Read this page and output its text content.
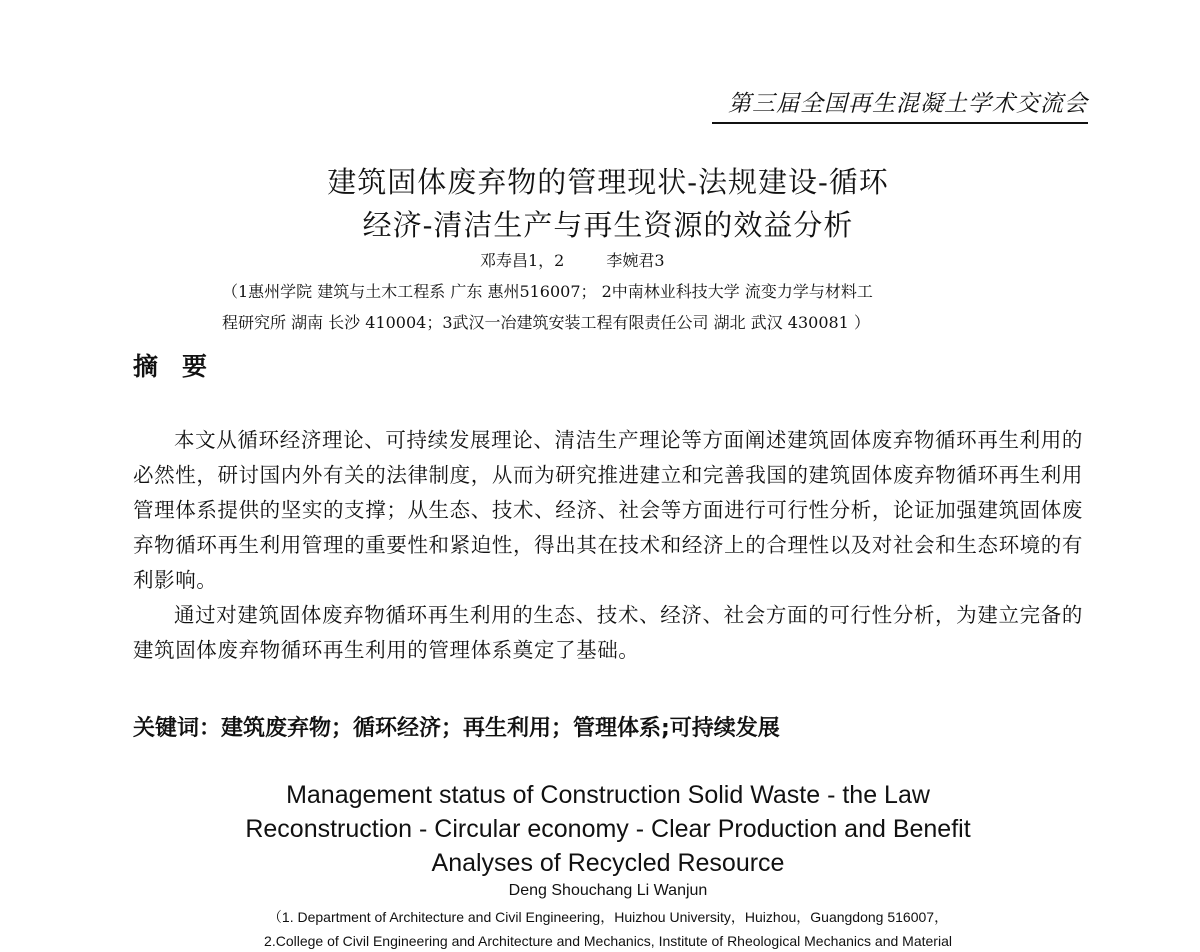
第三届全国再生混凝土学术交流会
建筑固体废弃物的管理现状-法规建设-循环
经济-清洁生产与再生资源的效益分析
邓寿昌1，2	李婉君3
（1惠州学院 建筑与土木工程系 广东 惠州516007； 2中南林业科技大学 流变力学与材料工
程研究所 湖南 长沙 410004；3武汉一冶建筑安装工程有限责任公司 湖北 武汉 430081 ）
摘要

本文从循环经济理论、可持续发展理论、清洁生产理论等方面阐述建筑固体废弃物循环再生利用的必然性，研讨国内外有关的法律制度，从而为研究推进建立和完善我国的建筑固体废弃物循环再生利用管理体系提供的坚实的支撑；从生态、技术、经济、社会等方面进行可行性分析，论证加强建筑固体废弃物循环再生利用管理的重要性和紧迫性，得出其在技术和经济上的合理性以及对社会和生态环境的有利影响。

通过对建筑固体废弃物循环再生利用的生态、技术、经济、社会方面的可行性分析，为建立完备的建筑固体废弃物循环再生利用的管理体系奠定了基础。

关键词：建筑废弃物；循环经济；再生利用；管理体系;可持续发展
Management status of Construction Solid Waste - the Law
Reconstruction - Circular economy - Clear Production and Benefit
Analyses of Recycled Resource
Deng Shouchang Li Wanjun
（1. Department of Architecture and Civil Engineering，Huizhou University，Huizhou，Guangdong 516007，
2.College of Civil Engineering and Architecture and Mechanics, Institute of Rheological Mechanics and Material
